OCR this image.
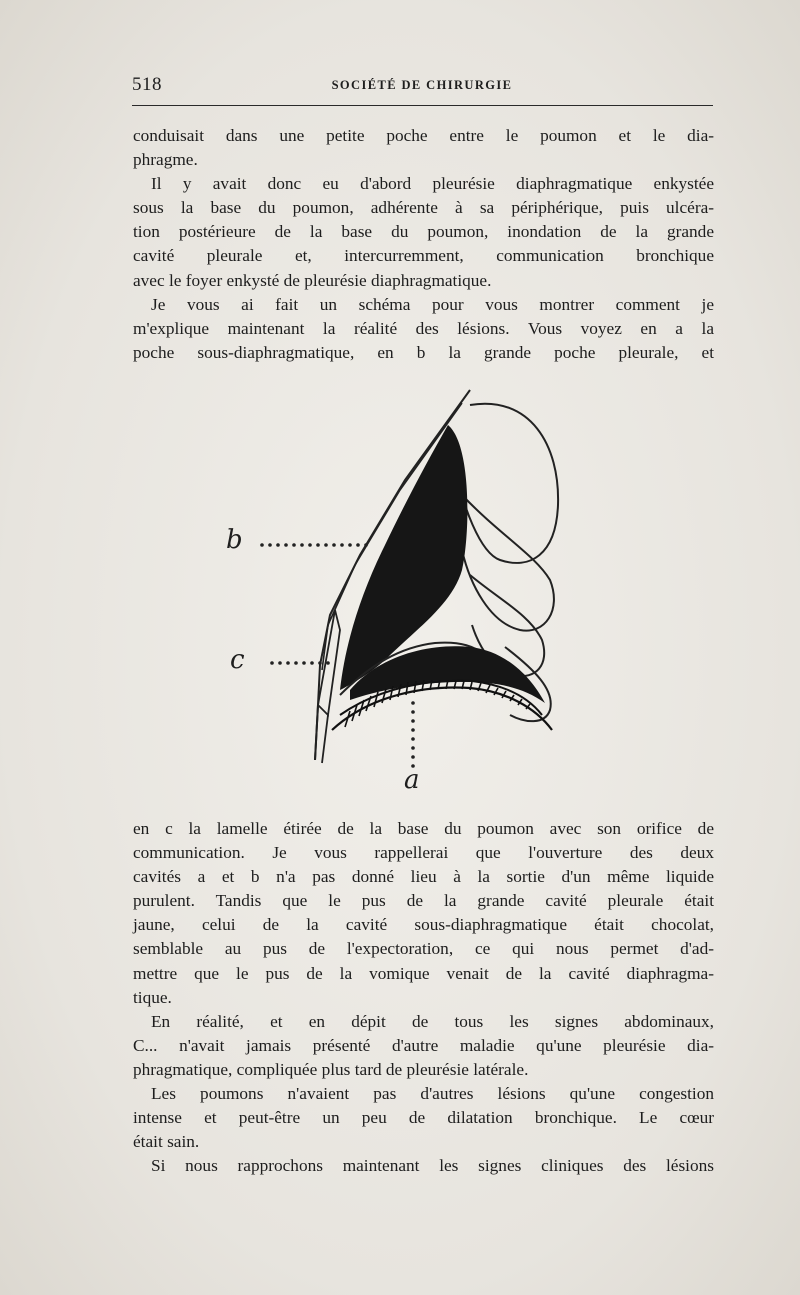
518	SOCIÉTÉ DE CHIRURGIE
conduisait dans une petite poche entre le poumon et le dia-
phragme.
Il y avait donc eu d'abord pleurésie diaphragmatique enkystée
sous la base du poumon, adhérente à sa périphérique, puis ulcéra-
tion postérieure de la base du poumon, inondation de la grande
cavité pleurale et, intercurremment, communication bronchique
avec le foyer enkysté de pleurésie diaphragmatique.
Je vous ai fait un schéma pour vous montrer comment je
m'explique maintenant la réalité des lésions. Vous voyez en a la
poche sous-diaphragmatique, en b la grande poche pleurale, et
b
c
a
en c la lamelle étirée de la base du poumon avec son orifice de
communication. Je vous rappellerai que l'ouverture des deux
cavités a et b n'a pas donné lieu à la sortie d'un même liquide
purulent. Tandis que le pus de la grande cavité pleurale était
jaune, celui de la cavité sous-diaphragmatique était chocolat,
semblable au pus de l'expectoration, ce qui nous permet d'ad-
mettre que le pus de la vomique venait de la cavité diaphragma-
tique.
En réalité, et en dépit de tous les signes abdominaux,
C... n'avait jamais présenté d'autre maladie qu'une pleurésie dia-
phragmatique, compliquée plus tard de pleurésie latérale.
Les poumons n'avaient pas d'autres lésions qu'une congestion
intense et peut-être un peu de dilatation bronchique. Le cœur
était sain.
Si nous rapprochons maintenant les signes cliniques des lésions
